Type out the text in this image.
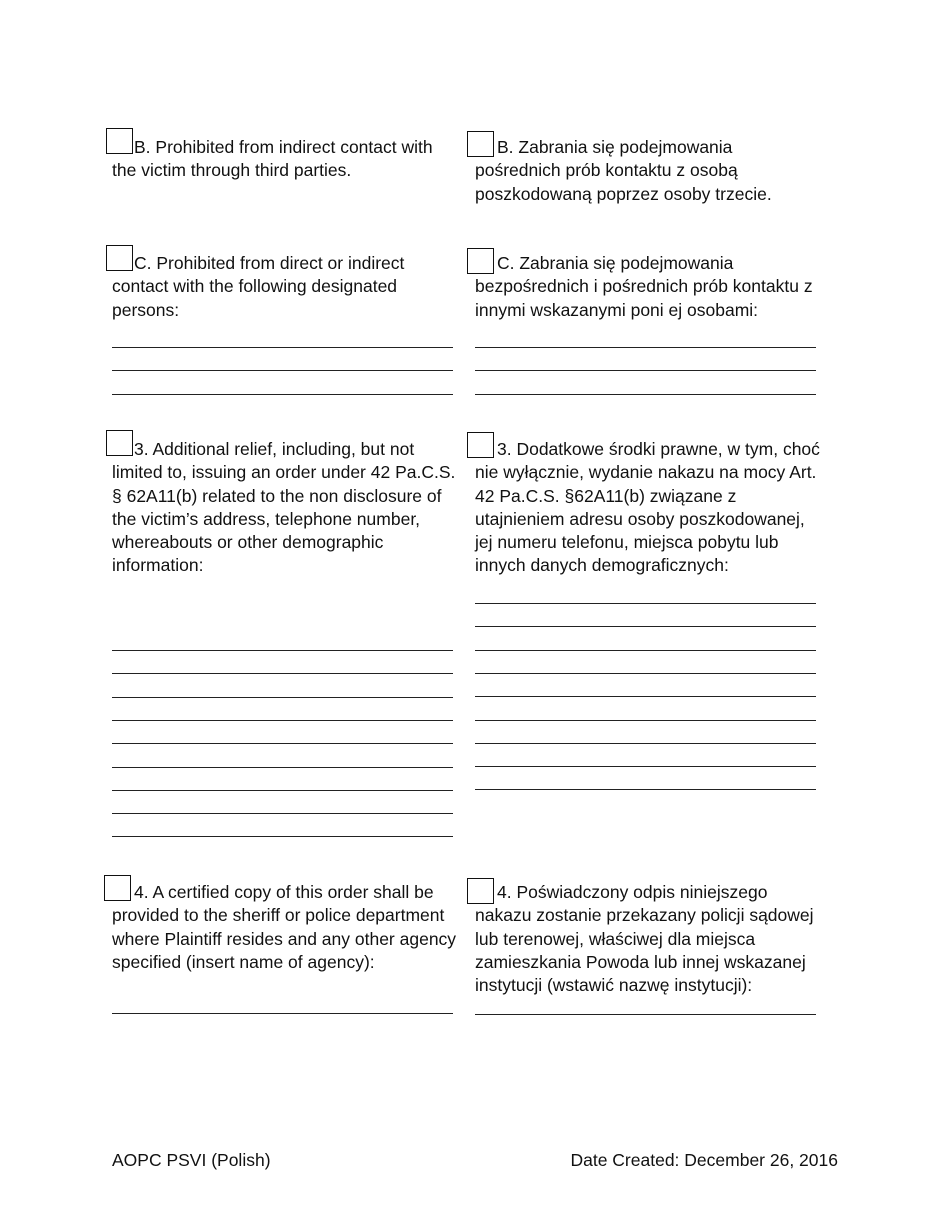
B. Prohibited from indirect contact with the victim through third parties.

B. Zabrania się podejmowania pośrednich prób kontaktu z osobą poszkodowaną poprzez osoby trzecie.

C. Prohibited from direct or indirect contact with the following designated persons:

C. Zabrania się podejmowania bezpośrednich i pośrednich prób kontaktu z innymi wskazanymi poni ej osobami:

3. Additional relief, including, but not limited to, issuing an order under 42 Pa.C.S. § 62A11(b) related to the non disclosure of the victim’s address, telephone number, whereabouts or other demographic information:

3. Dodatkowe środki prawne, w tym, choć nie wyłącznie, wydanie nakazu na mocy Art. 42 Pa.C.S. §62A11(b) związane z utajnieniem adresu osoby poszkodowanej, jej numeru telefonu, miejsca pobytu lub innych danych demograficznych:

4. A certified copy of this order shall be provided to the sheriff or police department where Plaintiff resides and any other agency specified (insert name of agency):

4. Poświadczony odpis niniejszego nakazu zostanie przekazany policji sądowej lub terenowej, właściwej dla miejsca zamieszkania Powoda lub innej wskazanej instytucji (wstawić nazwę instytucji):

AOPC PSVI (Polish)	Date Created: December 26, 2016
